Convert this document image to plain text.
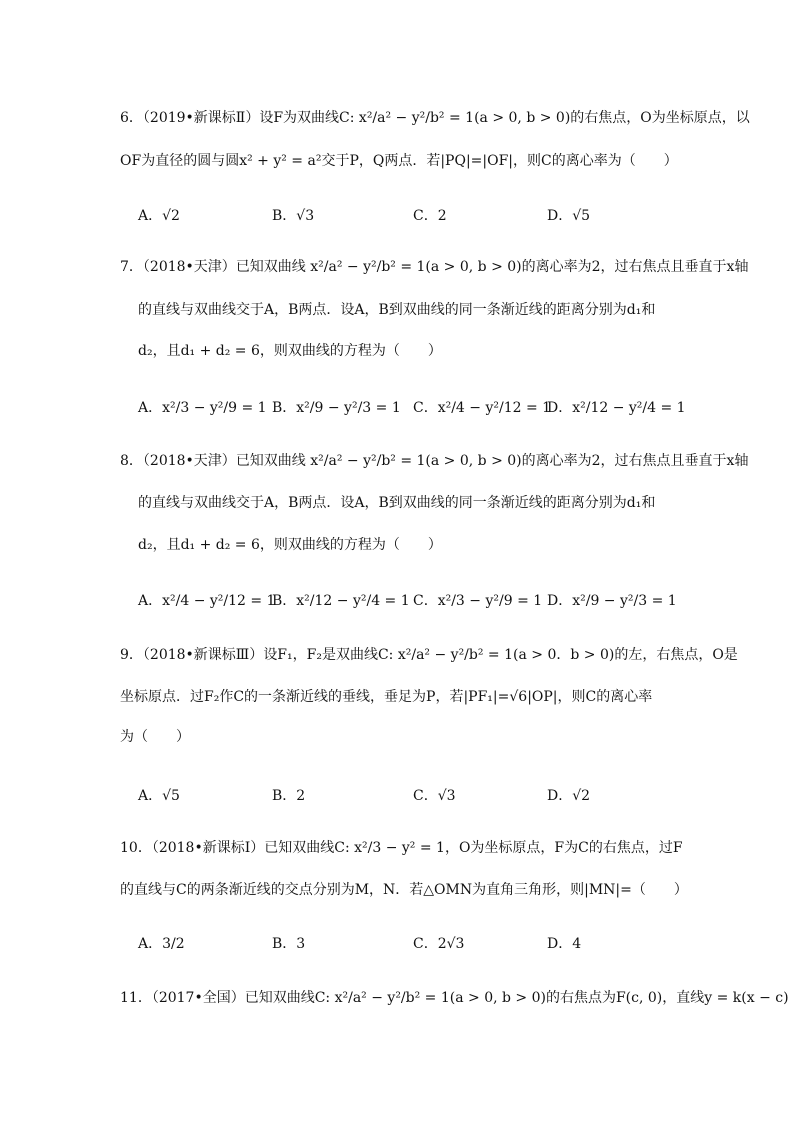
6．（2019•新课标Ⅱ）设F为双曲线C: x²/a² − y²/b² = 1(a > 0, b > 0)的右焦点，O为坐标原点，以
OF为直径的圆与圆x² + y² = a²交于P，Q两点．若|PQ|=|OF|，则C的离心率为（　　）
A．√2	B．√3	C．2	D．√5
7．（2018•天津）已知双曲线 x²/a² − y²/b² = 1(a > 0, b > 0)的离心率为2，过右焦点且垂直于x轴
的直线与双曲线交于A，B两点．设A，B到双曲线的同一条渐近线的距离分别为d₁和
d₂，且d₁ + d₂ = 6，则双曲线的方程为（　　）
A．x²/3 − y²/9 = 1 B．x²/9 − y²/3 = 1 C．x²/4 − y²/12 = 1
D．x²/12 − y²/4 = 1
8．（2018•天津）已知双曲线 x²/a² − y²/b² = 1(a > 0, b > 0)的离心率为2，过右焦点且垂直于x轴
的直线与双曲线交于A，B两点．设A，B到双曲线的同一条渐近线的距离分别为d₁和
d₂，且d₁ + d₂ = 6，则双曲线的方程为（　　）
A．x²/4 − y²/12 = 1
B．x²/12 − y²/4 = 1 C．x²/3 − y²/9 = 1 D．x²/9 − y²/3 = 1
9．（2018•新课标Ⅲ）设F₁，F₂是双曲线C: x²/a² − y²/b² = 1(a > 0．b > 0)的左，右焦点，O是
坐标原点．过F₂作C的一条渐近线的垂线，垂足为P，若|PF₁|=√6|OP|，则C的离心率
为（　　）
A．√5	B．2	C．√3	D．√2
10．（2018•新课标Ⅰ）已知双曲线C: x²/3 − y² = 1，O为坐标原点，F为C的右焦点，过F
的直线与C的两条渐近线的交点分别为M，N．若△OMN为直角三角形，则|MN|=（　　）
A．3/2	B．3	C．2√3	D．4
11．（2017•全国）已知双曲线C: x²/a² − y²/b² = 1(a > 0, b > 0)的右焦点为F(c, 0)，直线y = k(x − c)
